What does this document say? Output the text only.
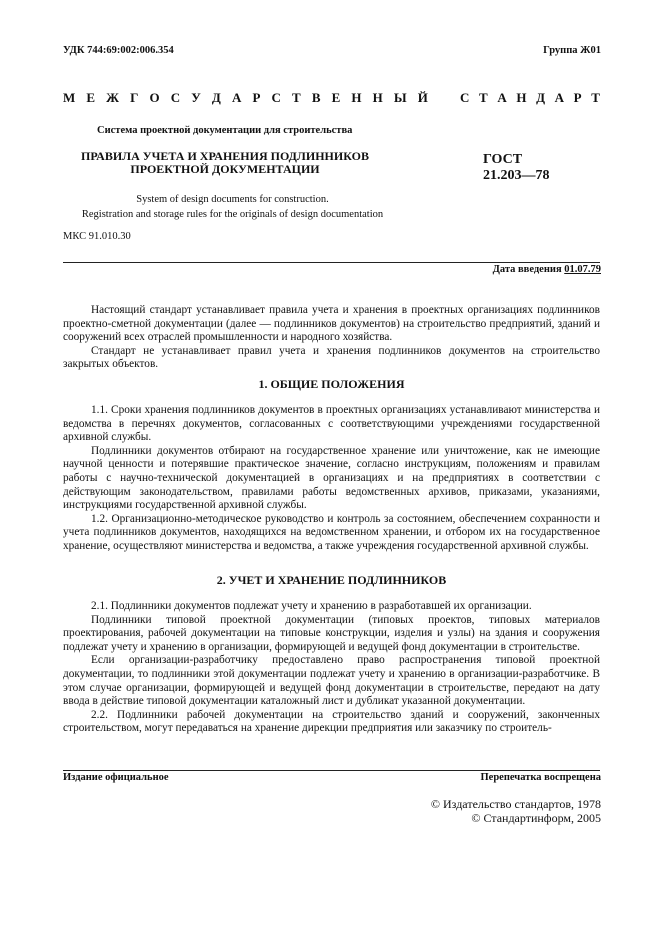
УДК 744:69:002:006.354	Группа Ж01
М Е Ж Г О С У Д А Р С Т В Е Н Н Ы Й С Т А Н Д А Р Т
Система проектной документации для строительства
ПРАВИЛА УЧЕТА И ХРАНЕНИЯ ПОДЛИННИКОВ
ПРОЕКТНОЙ ДОКУМЕНТАЦИИ
ГОСТ
21.203—78
System of design documents for construction.
Registration and storage rules for the originals of design documentation
МКС 91.010.30
Дата введения 01.07.79

Настоящий стандарт устанавливает правила учета и хранения в проектных организациях подлинников проектно-сметной документации (далее — подлинников документов) на строительство предприятий, зданий и сооружений всех отраслей промышленности и народного хозяйства.

Стандарт не устанавливает правил учета и хранения подлинников документов на строительство закрытых объектов.

1. ОБЩИЕ ПОЛОЖЕНИЯ

1.1. Сроки хранения подлинников документов в проектных организациях устанавливают министерства и ведомства в перечнях документов, согласованных с соответствующими учреждениями государственной архивной службы.

Подлинники документов отбирают на государственное хранение или уничтожение, как не имеющие научной ценности и потерявшие практическое значение, согласно инструкциям, положениям и правилам работы с научно-технической документацией в организациях и на предприятиях в соответствии с действующим законодательством, правилами работы ведомственных архивов, приказами, указаниями, инструкциями государственной архивной службы.

1.2. Организационно-методическое руководство и контроль за состоянием, обеспечением сохранности и учета подлинников документов, находящихся на ведомственном хранении, и отбором их на государственное хранение, осуществляют министерства и ведомства, а также учреждения государственной архивной службы.

2. УЧЕТ И ХРАНЕНИЕ ПОДЛИННИКОВ

2.1. Подлинники документов подлежат учету и хранению в разработавшей их организации.

Подлинники типовой проектной документации (типовых проектов, типовых материалов проектирования, рабочей документации на типовые конструкции, изделия и узлы) на здания и сооружения подлежат учету и хранению в организации, формирующей и ведущей фонд документации в строительстве.

Если организации-разработчику предоставлено право распространения типовой проектной документации, то подлинники этой документации подлежат учету и хранению в организации-разработчике. В этом случае организации, формирующей и ведущей фонд документации в строительстве, передают на дату ввода в действие типовой документации каталожный лист и дубликат указанной документации.

2.2. Подлинники рабочей документации на строительство зданий и сооружений, законченных строительством, могут передаваться на хранение дирекции предприятия или заказчику по строитель-

Издание официальное	Перепечатка воспрещена
© Издательство стандартов, 1978
© Стандартинформ, 2005
